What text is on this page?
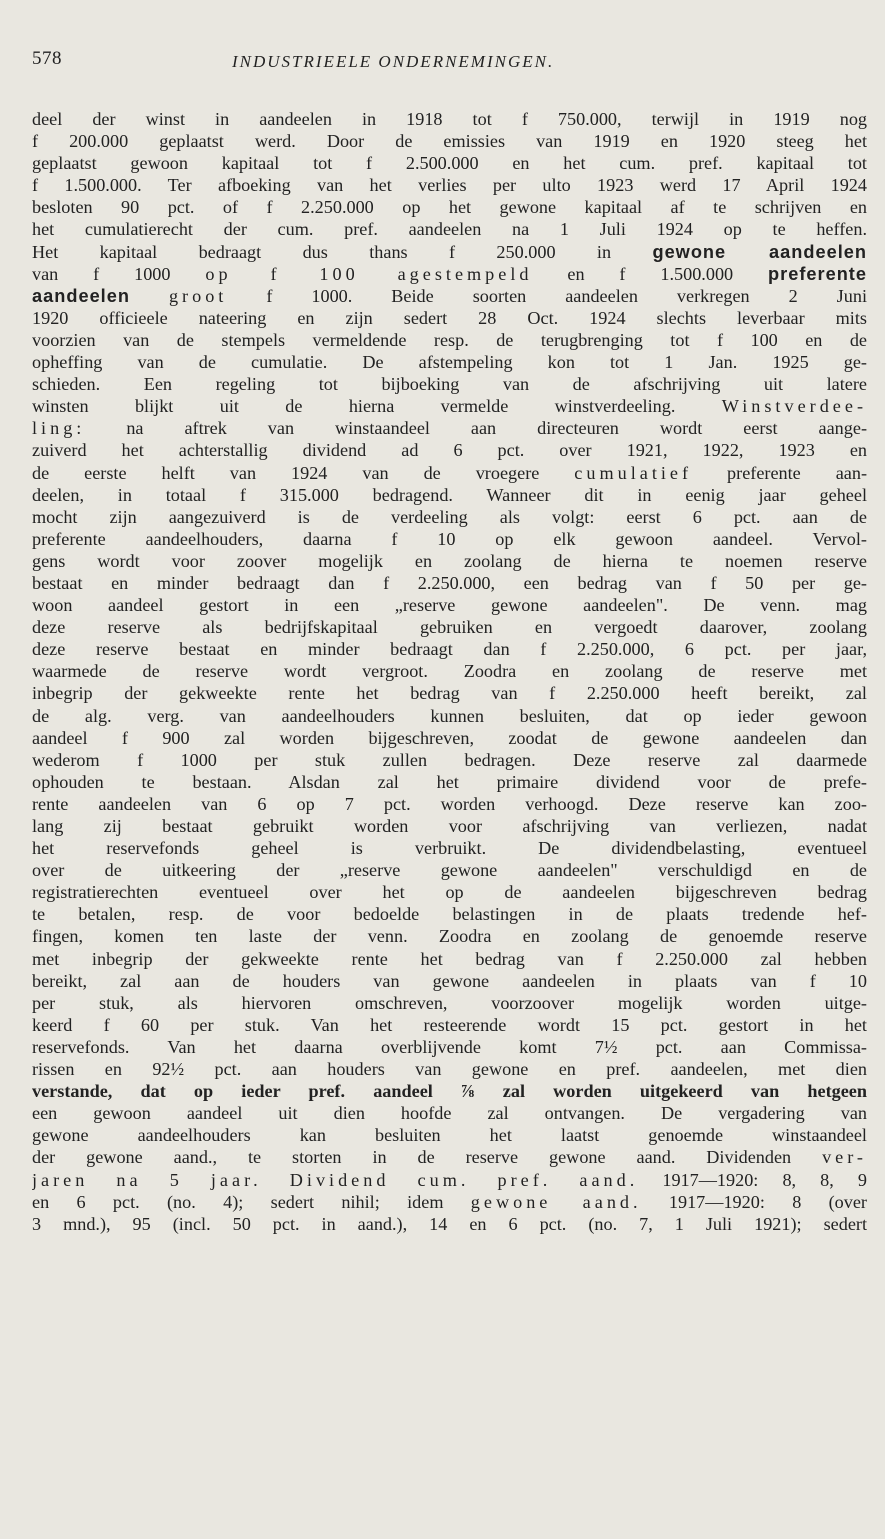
578	INDUSTRIEELE ONDERNEMINGEN.
deel der winst in aandeelen in 1918 tot f 750.000, terwijl in 1919 nog
f 200.000 geplaatst werd. Door de emissies van 1919 en 1920 steeg het
geplaatst gewoon kapitaal tot f 2.500.000 en het cum. pref. kapitaal tot
f 1.500.000. Ter afboeking van het verlies per ulto 1923 werd 17 April 1924
besloten 90 pct. of f 2.250.000 op het gewone kapitaal af te schrijven en
het cumulatierecht der cum. pref. aandeelen na 1 Juli 1924 op te heffen.
Het kapitaal bedraagt dus thans f 250.000 in gewone aandeelen
van f 1000 op f 100 agestempeld en f 1.500.000 preferente
aandeelen groot f 1000. Beide soorten aandeelen verkregen 2 Juni
1920 officieele nateering en zijn sedert 28 Oct. 1924 slechts leverbaar mits
voorzien van de stempels vermeldende resp. de terugbrenging tot f 100 en de
opheffing van de cumulatie. De afstempeling kon tot 1 Jan. 1925 ge-
schieden. Een regeling tot bijboeking van de afschrijving uit latere
winsten blijkt uit de hierna vermelde winstverdeeling. Winstverdee-
ling: na aftrek van winstaandeel aan directeuren wordt eerst aange-
zuiverd het achterstallig dividend ad 6 pct. over 1921, 1922, 1923 en
de eerste helft van 1924 van de vroegere cumulatief preferente aan-
deelen, in totaal f 315.000 bedragend. Wanneer dit in eenig jaar geheel
mocht zijn aangezuiverd is de verdeeling als volgt: eerst 6 pct. aan de
preferente aandeelhouders, daarna f 10 op elk gewoon aandeel. Vervol-
gens wordt voor zoover mogelijk en zoolang de hierna te noemen reserve
bestaat en minder bedraagt dan f 2.250.000, een bedrag van f 50 per ge-
woon aandeel gestort in een „reserve gewone aandeelen". De venn. mag
deze reserve als bedrijfskapitaal gebruiken en vergoedt daarover, zoolang
deze reserve bestaat en minder bedraagt dan f 2.250.000, 6 pct. per jaar,
waarmede de reserve wordt vergroot. Zoodra en zoolang de reserve met
inbegrip der gekweekte rente het bedrag van f 2.250.000 heeft bereikt, zal
de alg. verg. van aandeelhouders kunnen besluiten, dat op ieder gewoon
aandeel f 900 zal worden bijgeschreven, zoodat de gewone aandeelen dan
wederom f 1000 per stuk zullen bedragen. Deze reserve zal daarmede
ophouden te bestaan. Alsdan zal het primaire dividend voor de prefe-
rente aandeelen van 6 op 7 pct. worden verhoogd. Deze reserve kan zoo-
lang zij bestaat gebruikt worden voor afschrijving van verliezen, nadat
het reservefonds geheel is verbruikt. De dividendbelasting, eventueel
over de uitkeering der „reserve gewone aandeelen" verschuldigd en de
registratierechten eventueel over het op de aandeelen bijgeschreven bedrag
te betalen, resp. de voor bedoelde belastingen in de plaats tredende hef-
fingen, komen ten laste der venn. Zoodra en zoolang de genoemde reserve
met inbegrip der gekweekte rente het bedrag van f 2.250.000 zal hebben
bereikt, zal aan de houders van gewone aandeelen in plaats van f 10
per stuk, als hiervoren omschreven, voorzoover mogelijk worden uitge-
keerd f 60 per stuk. Van het resteerende wordt 15 pct. gestort in het
reservefonds. Van het daarna overblijvende komt 7½ pct. aan Commissa-
rissen en 92½ pct. aan houders van gewone en pref. aandeelen, met dien
verstande, dat op ieder pref. aandeel ⅞ zal worden uitgekeerd van hetgeen
een gewoon aandeel uit dien hoofde zal ontvangen. De vergadering van
gewone aandeelhouders kan besluiten het laatst genoemde winstaandeel
der gewone aand., te storten in de reserve gewone aand. Dividenden ver-
jaren na 5 jaar. Dividend cum. pref. aand. 1917—1920: 8, 8, 9
en 6 pct. (no. 4); sedert nihil; idem gewone aand. 1917—1920: 8 (over
3 mnd.), 95 (incl. 50 pct. in aand.), 14 en 6 pct. (no. 7, 1 Juli 1921); sedert
